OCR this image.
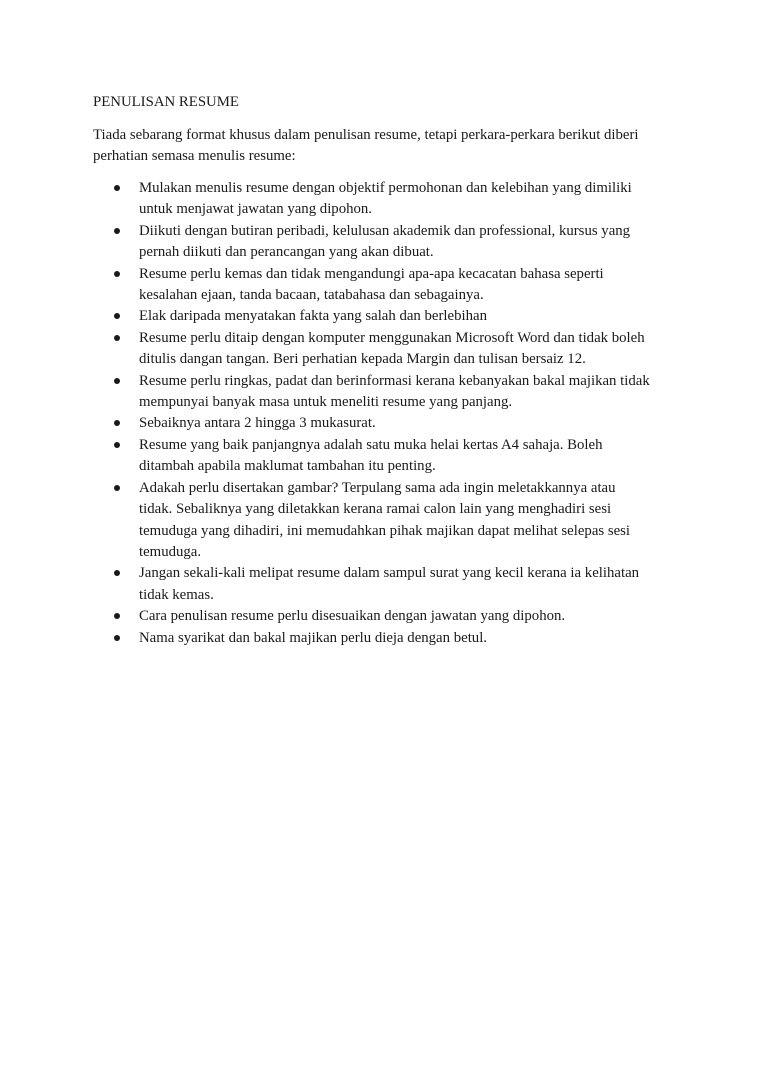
PENULISAN RESUME
Tiada sebarang format khusus dalam penulisan resume, tetapi perkara-perkara berikut diberi
perhatian semasa menulis resume:
Mulakan menulis resume dengan objektif permohonan dan kelebihan yang dimiliki
untuk menjawat jawatan yang dipohon.
Diikuti dengan butiran peribadi, kelulusan akademik dan professional, kursus yang
pernah diikuti dan perancangan yang akan dibuat.
Resume perlu kemas dan tidak mengandungi apa-apa kecacatan bahasa seperti
kesalahan ejaan, tanda bacaan, tatabahasa dan sebagainya.
Elak daripada menyatakan fakta yang salah dan berlebihan
Resume perlu ditaip dengan komputer menggunakan Microsoft Word dan tidak boleh
ditulis dangan tangan. Beri perhatian kepada Margin dan tulisan bersaiz 12.
Resume perlu ringkas, padat dan berinformasi kerana kebanyakan bakal majikan tidak
mempunyai banyak masa untuk meneliti resume yang panjang.
Sebaiknya antara 2 hingga 3 mukasurat.
Resume yang baik panjangnya adalah satu muka helai kertas A4 sahaja. Boleh
ditambah apabila maklumat tambahan itu penting.
Adakah perlu disertakan gambar? Terpulang sama ada ingin meletakkannya atau
tidak. Sebaliknya yang diletakkan kerana ramai calon lain yang menghadiri sesi
temuduga yang dihadiri, ini memudahkan pihak majikan dapat melihat selepas sesi
temuduga.
Jangan sekali-kali melipat resume dalam sampul surat yang kecil kerana ia kelihatan
tidak kemas.
Cara penulisan resume perlu disesuaikan dengan jawatan yang dipohon.
Nama syarikat dan bakal majikan perlu dieja dengan betul.
